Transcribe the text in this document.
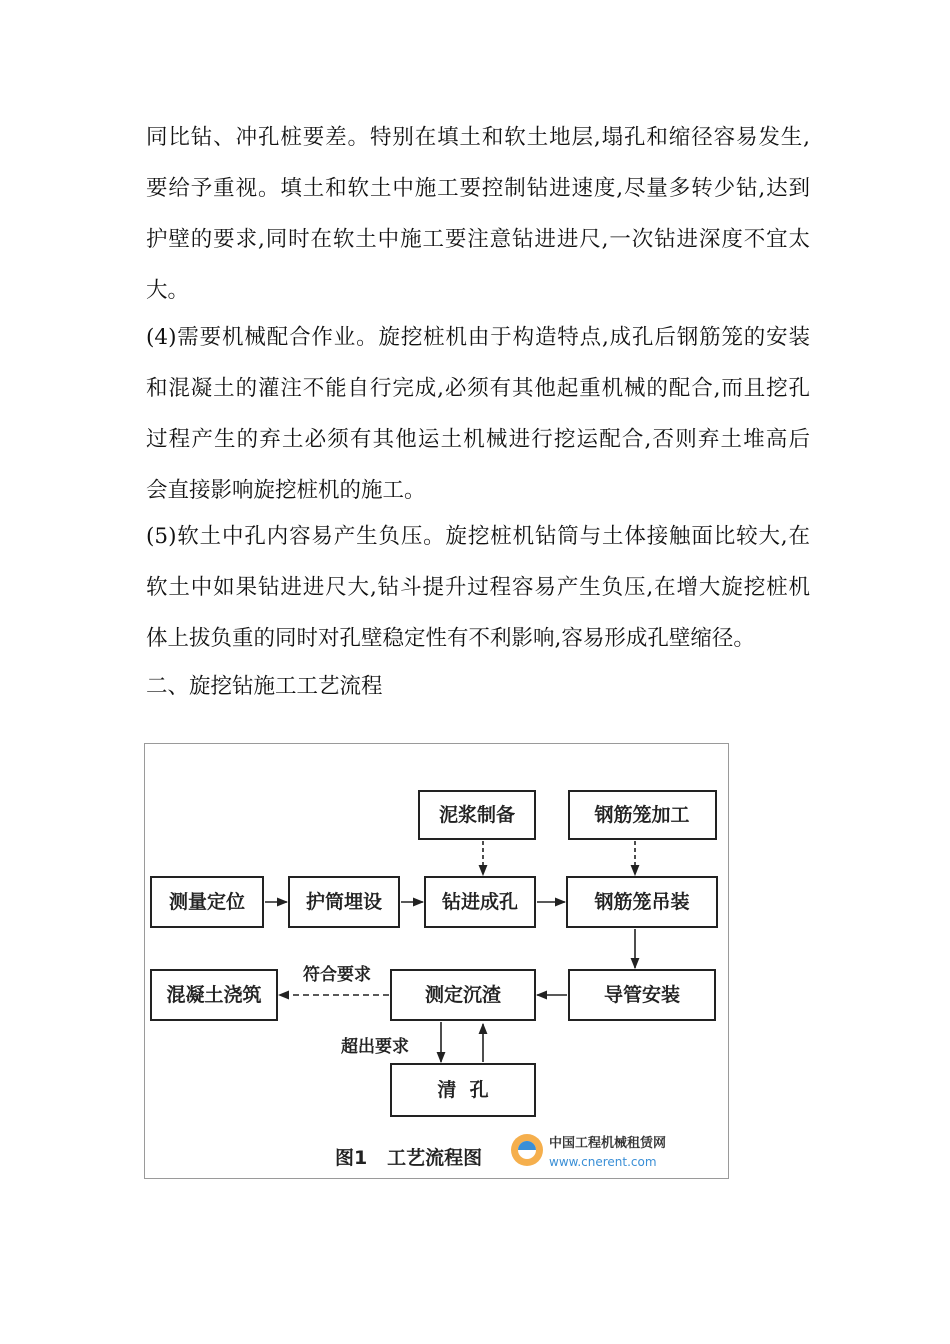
同比钻、冲孔桩要差。特别在填土和软土地层,塌孔和缩径容易发生,
要给予重视。填土和软土中施工要控制钻进速度,尽量多转少钻,达到
护壁的要求,同时在软土中施工要注意钻进进尺,一次钻进深度不宜太
大。
(4)需要机械配合作业。旋挖桩机由于构造特点,成孔后钢筋笼的安装
和混凝土的灌注不能自行完成,必须有其他起重机械的配合,而且挖孔
过程产生的弃土必须有其他运土机械进行挖运配合,否则弃土堆高后
会直接影响旋挖桩机的施工。
(5)软土中孔内容易产生负压。旋挖桩机钻筒与土体接触面比较大,在
软土中如果钻进进尺大,钻斗提升过程容易产生负压,在增大旋挖桩机
体上拔负重的同时对孔壁稳定性有不利影响,容易形成孔壁缩径。
二、旋挖钻施工工艺流程
泥浆制备	钢筋笼加工
测量定位	护筒埋设	钻进成孔	钢筋笼吊装
混凝土浇筑	测定沉渣	导管安装
清  孔
符合要求
超出要求
图1   工艺流程图
中国工程机械租赁网
www.cnerent.com
